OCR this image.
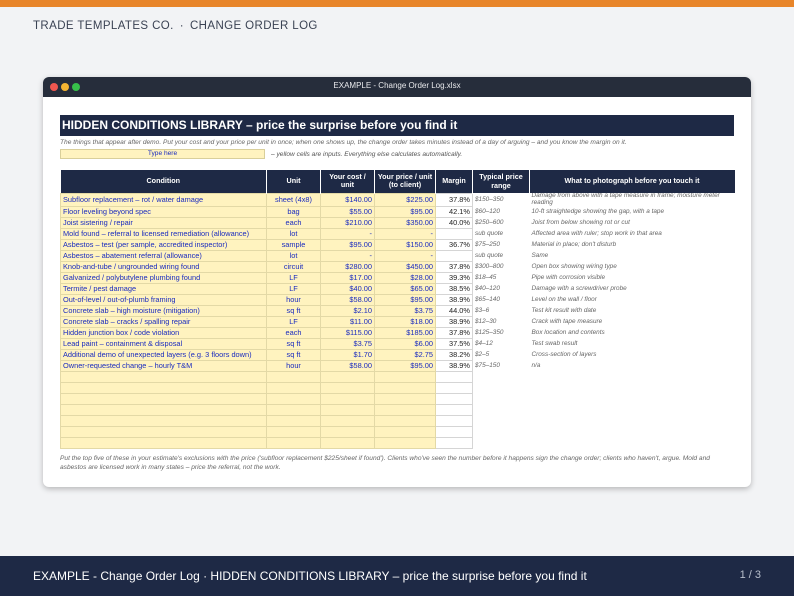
TRADE TEMPLATES CO. · CHANGE ORDER LOG
EXAMPLE - Change Order Log.xlsx
HIDDEN CONDITIONS LIBRARY – price the surprise before you find it
The things that appear after demo. Put your cost and your price per unit in once; when one shows up, the change order takes minutes instead of a day of arguing – and you know the margin on it.
Type here	– yellow cells are inputs. Everything else calculates automatically.
Condition	Unit	Your cost / unit	Your price / unit (to client)	Margin	Typical price range	What to photograph before you touch it
Subfloor replacement – rot / water damage	sheet (4x8)	$140.00	$225.00	37.8%	$150–350	Damage from above with a tape measure in frame; moisture meter reading
Floor leveling beyond spec	bag	$55.00	$95.00	42.1%	$60–120	10-ft straightedge showing the gap, with a tape
Joist sistering / repair	each	$210.00	$350.00	40.0%	$250–600	Joist from below showing rot or cut
Mold found – referral to licensed remediation (allowance)	lot	-	-		sub quote	Affected area with ruler; stop work in that area
Asbestos – test (per sample, accredited inspector)	sample	$95.00	$150.00	36.7%	$75–250	Material in place; don't disturb
Asbestos – abatement referral (allowance)	lot	-	-		sub quote	Same
Knob-and-tube / ungrounded wiring found	circuit	$280.00	$450.00	37.8%	$300–800	Open box showing wiring type
Galvanized / polybutylene plumbing found	LF	$17.00	$28.00	39.3%	$18–45	Pipe with corrosion visible
Termite / pest damage	LF	$40.00	$65.00	38.5%	$40–120	Damage with a screwdriver probe
Out-of-level / out-of-plumb framing	hour	$58.00	$95.00	38.9%	$65–140	Level on the wall / floor
Concrete slab – high moisture (mitigation)	sq ft	$2.10	$3.75	44.0%	$3–6	Test kit result with date
Concrete slab – cracks / spalling repair	LF	$11.00	$18.00	38.9%	$12–30	Crack with tape measure
Hidden junction box / code violation	each	$115.00	$185.00	37.8%	$125–350	Box location and contents
Lead paint – containment & disposal	sq ft	$3.75	$6.00	37.5%	$4–12	Test swab result
Additional demo of unexpected layers (e.g. 3 floors down)	sq ft	$1.70	$2.75	38.2%	$2–5	Cross-section of layers
Owner-requested change – hourly T&M	hour	$58.00	$95.00	38.9%	$75–150	n/a

Put the top five of these in your estimate's exclusions with the price ('subfloor replacement $225/sheet if found'). Clients who've seen the number before it happens sign the change order; clients who haven't, argue. Mold and asbestos are licensed work in many states – price the referral, not the work.
EXAMPLE - Change Order Log · HIDDEN CONDITIONS LIBRARY – price the surprise before you find it	1 / 3
